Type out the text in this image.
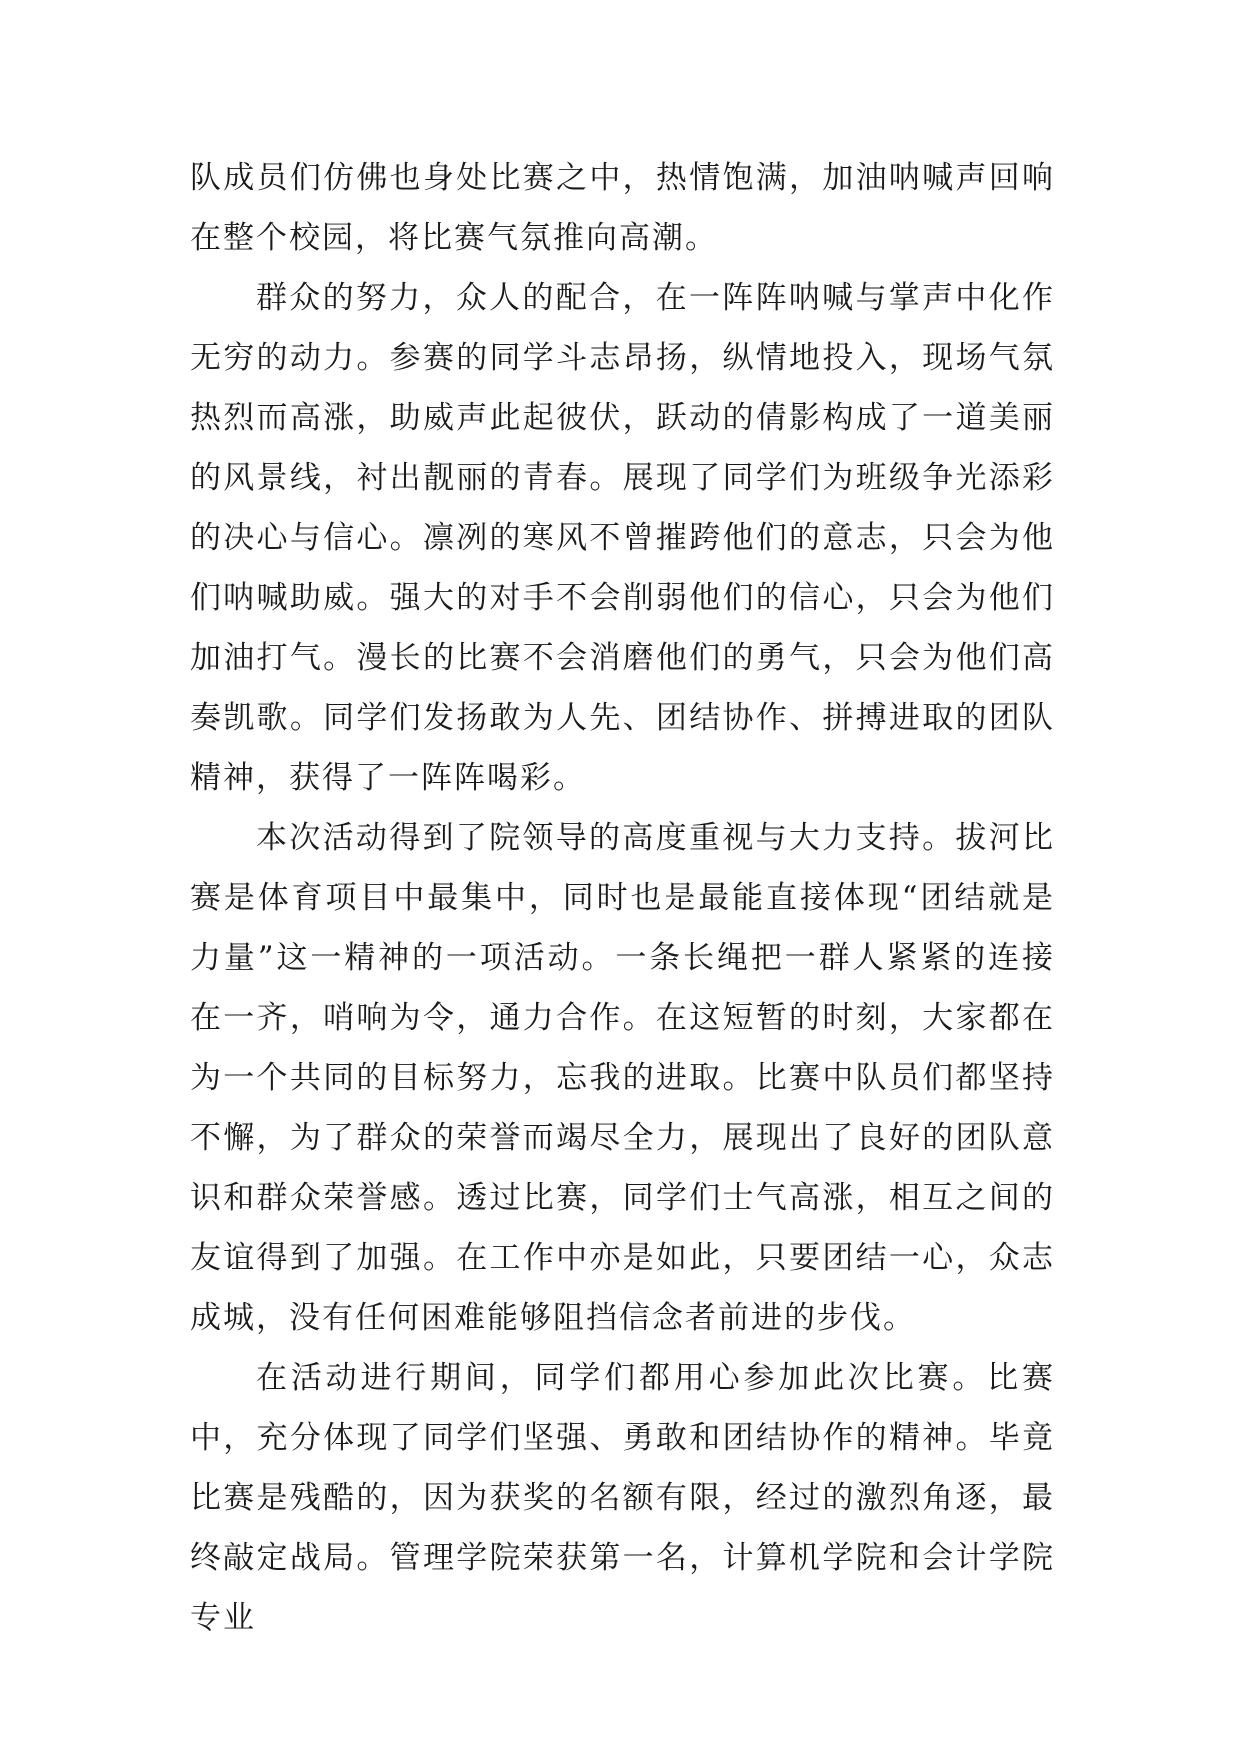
队成员们仿佛也身处比赛之中，热情饱满，加油呐喊声回响在整个校园，将比赛气氛推向高潮。

群众的努力，众人的配合，在一阵阵呐喊与掌声中化作无穷的动力。参赛的同学斗志昂扬，纵情地投入，现场气氛热烈而高涨，助威声此起彼伏，跃动的倩影构成了一道美丽的风景线，衬出靓丽的青春。展现了同学们为班级争光添彩的决心与信心。凛冽的寒风不曾摧跨他们的意志，只会为他们呐喊助威。强大的对手不会削弱他们的信心，只会为他们加油打气。漫长的比赛不会消磨他们的勇气，只会为他们高奏凯歌。同学们发扬敢为人先、团结协作、拼搏进取的团队精神，获得了一阵阵喝彩。

本次活动得到了院领导的高度重视与大力支持。拔河比赛是体育项目中最集中，同时也是最能直接体现“团结就是力量”这一精神的一项活动。一条长绳把一群人紧紧的连接在一齐，哨响为令，通力合作。在这短暂的时刻，大家都在为一个共同的目标努力，忘我的进取。比赛中队员们都坚持不懈，为了群众的荣誉而竭尽全力，展现出了良好的团队意识和群众荣誉感。透过比赛，同学们士气高涨，相互之间的友谊得到了加强。在工作中亦是如此，只要团结一心，众志成城，没有任何困难能够阻挡信念者前进的步伐。

在活动进行期间，同学们都用心参加此次比赛。比赛中，充分体现了同学们坚强、勇敢和团结协作的精神。毕竟比赛是残酷的，因为获奖的名额有限，经过的激烈角逐，最终敲定战局。管理学院荣获第一名，计算机学院和会计学院专业
